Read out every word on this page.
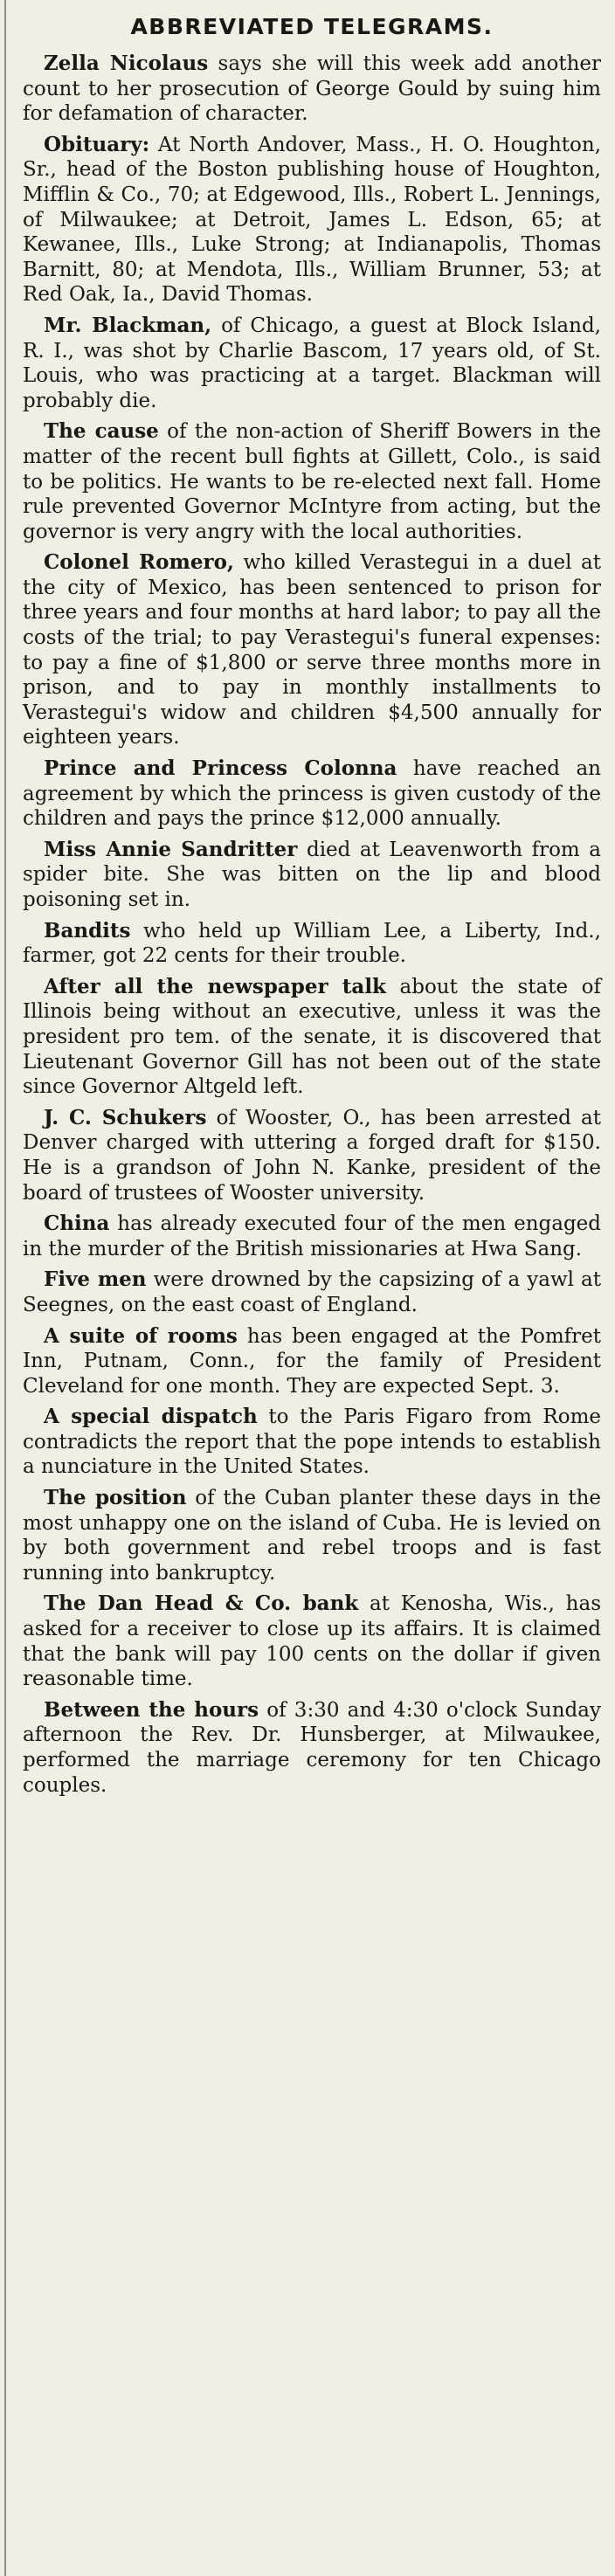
ABBREVIATED TELEGRAMS.

Zella Nicolaus says she will this week add another count to her prosecution of George Gould by suing him for defamation of character.

Obituary: At North Andover, Mass., H. O. Houghton, Sr., head of the Boston publishing house of Houghton, Mifflin & Co., 70; at Edgewood, Ills., Robert L. Jennings, of Milwaukee; at Detroit, James L. Edson, 65; at Kewanee, Ills., Luke Strong; at Indianapolis, Thomas Barnitt, 80; at Mendota, Ills., William Brunner, 53; at Red Oak, Ia., David Thomas.

Mr. Blackman, of Chicago, a guest at Block Island, R. I., was shot by Charlie Bascom, 17 years old, of St. Louis, who was practicing at a target. Blackman will probably die.

The cause of the non-action of Sheriff Bowers in the matter of the recent bull fights at Gillett, Colo., is said to be politics. He wants to be re-elected next fall. Home rule prevented Governor McIntyre from acting, but the governor is very angry with the local authorities.

Colonel Romero, who killed Verastegui in a duel at the city of Mexico, has been sentenced to prison for three years and four months at hard labor; to pay all the costs of the trial; to pay Verastegui's funeral expenses: to pay a fine of $1,800 or serve three months more in prison, and to pay in monthly installments to Verastegui's widow and children $4,500 annually for eighteen years.

Prince and Princess Colonna have reached an agreement by which the princess is given custody of the children and pays the prince $12,000 annually.

Miss Annie Sandritter died at Leavenworth from a spider bite. She was bitten on the lip and blood poisoning set in.

Bandits who held up William Lee, a Liberty, Ind., farmer, got 22 cents for their trouble.

After all the newspaper talk about the state of Illinois being without an executive, unless it was the president pro tem. of the senate, it is discovered that Lieutenant Governor Gill has not been out of the state since Governor Altgeld left.

J. C. Schukers of Wooster, O., has been arrested at Denver charged with uttering a forged draft for $150. He is a grandson of John N. Kanke, president of the board of trustees of Wooster university.

China has already executed four of the men engaged in the murder of the British missionaries at Hwa Sang.

Five men were drowned by the capsizing of a yawl at Seegnes, on the east coast of England.

A suite of rooms has been engaged at the Pomfret Inn, Putnam, Conn., for the family of President Cleveland for one month. They are expected Sept. 3.

A special dispatch to the Paris Figaro from Rome contradicts the report that the pope intends to establish a nunciature in the United States.

The position of the Cuban planter these days in the most unhappy one on the island of Cuba. He is levied on by both government and rebel troops and is fast running into bankruptcy.

The Dan Head & Co. bank at Kenosha, Wis., has asked for a receiver to close up its affairs. It is claimed that the bank will pay 100 cents on the dollar if given reasonable time.

Between the hours of 3:30 and 4:30 o'clock Sunday afternoon the Rev. Dr. Hunsberger, at Milwaukee, performed the marriage ceremony for ten Chicago couples.
